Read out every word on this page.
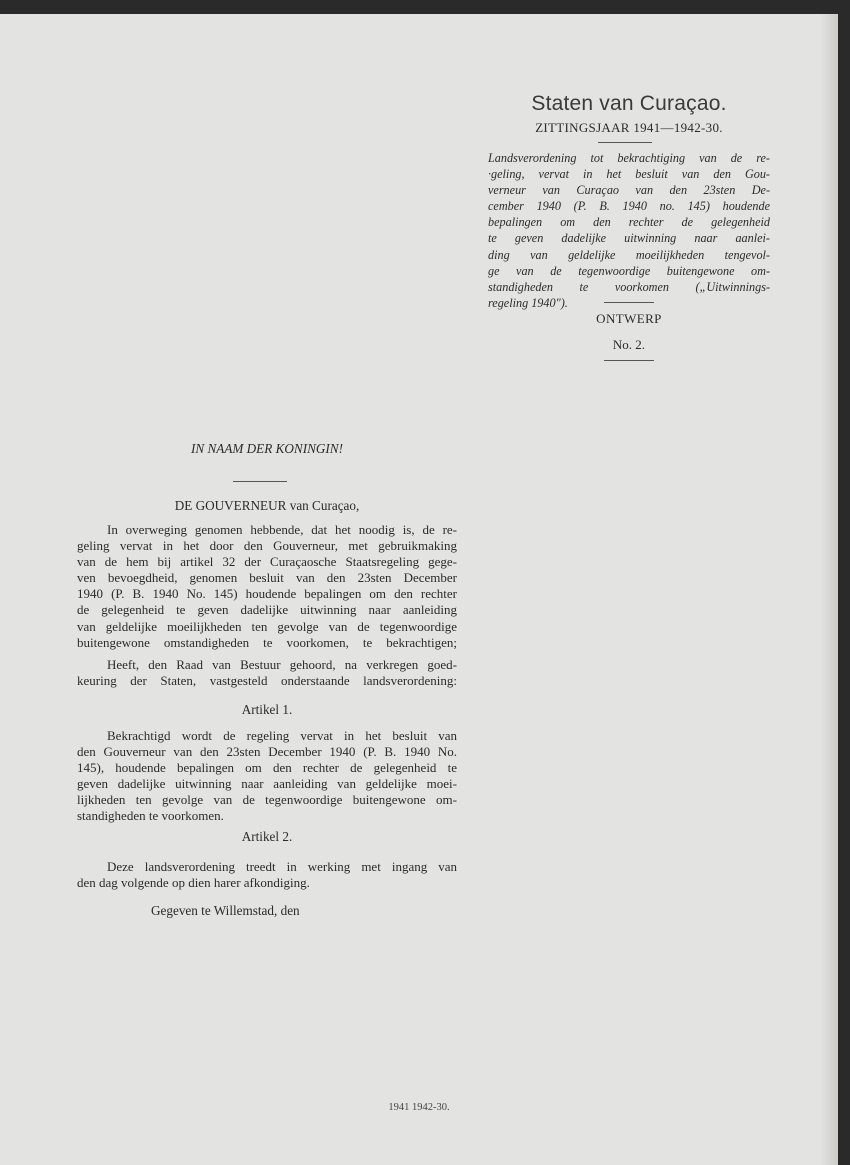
Staten van Curaçao.
ZITTINGSJAAR 1941—1942-30.
Landsverordening tot bekrachtiging van de re-
·geling, vervat in het besluit van den Gou-
verneur van Curaçao van den 23sten De-
cember 1940 (P. B. 1940 no. 145) houdende
bepalingen om den rechter de gelegenheid
te geven dadelijke uitwinning naar aanlei-
ding van geldelijke moeilijkheden tengevol-
ge van de tegenwoordige buitengewone om-
standigheden te voorkomen („Uitwinnings-
regeling 1940").
ONTWERP
No. 2.
IN NAAM DER KONINGIN!
DE GOUVERNEUR van Curaçao,
In overweging genomen hebbende, dat het noodig is, de re-
geling vervat in het door den Gouverneur, met gebruikmaking
van de hem bij artikel 32 der Curaçaosche Staatsregeling gege-
ven bevoegdheid, genomen besluit van den 23sten December
1940 (P. B. 1940 No. 145) houdende bepalingen om den rechter
de gelegenheid te geven dadelijke uitwinning naar aanleiding
van geldelijke moeilijkheden ten gevolge van de tegenwoordige
buitengewone omstandigheden te voorkomen, te bekrachtigen;
Heeft, den Raad van Bestuur gehoord, na verkregen goed-
keuring der Staten, vastgesteld onderstaande landsverordening:
Artikel 1.
Bekrachtigd wordt de regeling vervat in het besluit van
den Gouverneur van den 23sten December 1940 (P. B. 1940 No.
145), houdende bepalingen om den rechter de gelegenheid te
geven dadelijke uitwinning naar aanleiding van geldelijke moei-
lijkheden ten gevolge van de tegenwoordige buitengewone om-
standigheden te voorkomen.
Artikel 2.
Deze landsverordening treedt in werking met ingang van
den dag volgende op dien harer afkondiging.
Gegeven te Willemstad, den
1941 1942-30.
